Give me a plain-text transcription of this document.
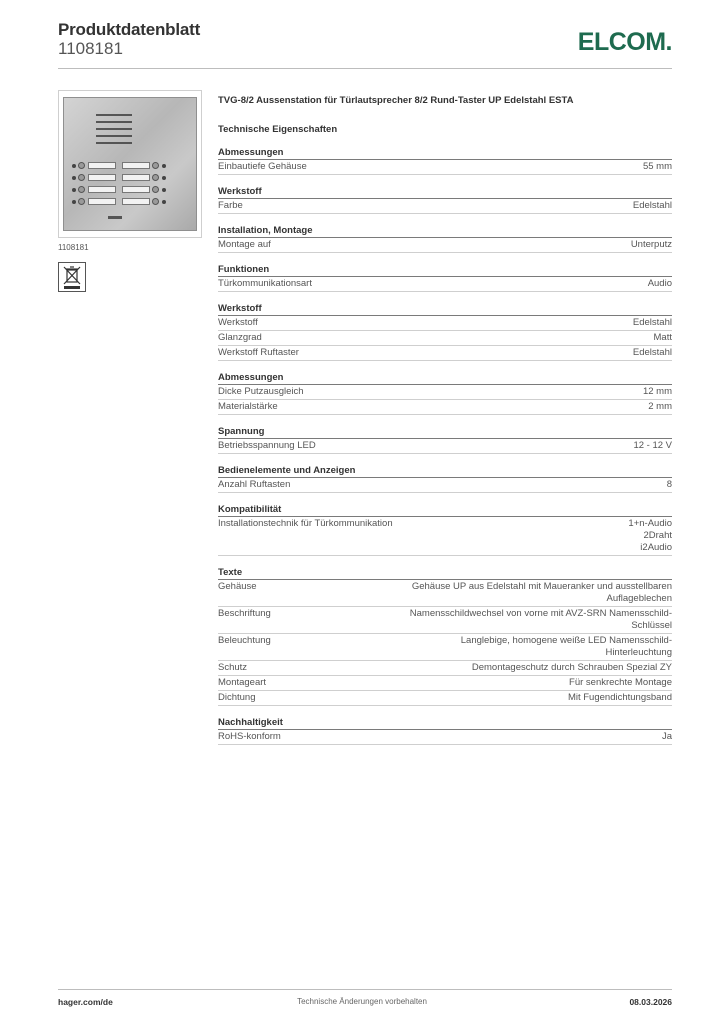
Produktdatenblatt
1108181	ELCOM.
1108181
TVG-8/2 Aussenstation für Türlautsprecher 8/2 Rund-Taster UP Edelstahl ESTA
Technische Eigenschaften
Abmessungen
Einbautiefe Gehäuse	55 mm
Werkstoff
Farbe	Edelstahl
Installation, Montage
Montage auf	Unterputz
Funktionen
Türkommunikationsart	Audio
Werkstoff
Werkstoff	Edelstahl
Glanzgrad	Matt
Werkstoff Ruftaster	Edelstahl
Abmessungen
Dicke Putzausgleich	12 mm
Materialstärke	2 mm
Spannung
Betriebsspannung LED	12 - 12 V
Bedienelemente und Anzeigen
Anzahl Ruftasten	8
Kompatibilität
Installationstechnik für Türkommunikation	1+n-Audio
2Draht
i2Audio
Texte
Gehäuse	Gehäuse UP aus Edelstahl mit Maueranker und ausstellbaren
Auflageblechen
Beschriftung	Namensschildwechsel von vorne mit AVZ-SRN Namensschild-
Schlüssel
Beleuchtung	Langlebige, homogene weiße LED Namensschild-
Hinterleuchtung
Schutz	Demontageschutz durch Schrauben Spezial ZY
Montageart	Für senkrechte Montage
Dichtung	Mit Fugendichtungsband
Nachhaltigkeit
RoHS-konform	Ja
hager.com/de	Technische Änderungen vorbehalten	08.03.2026
